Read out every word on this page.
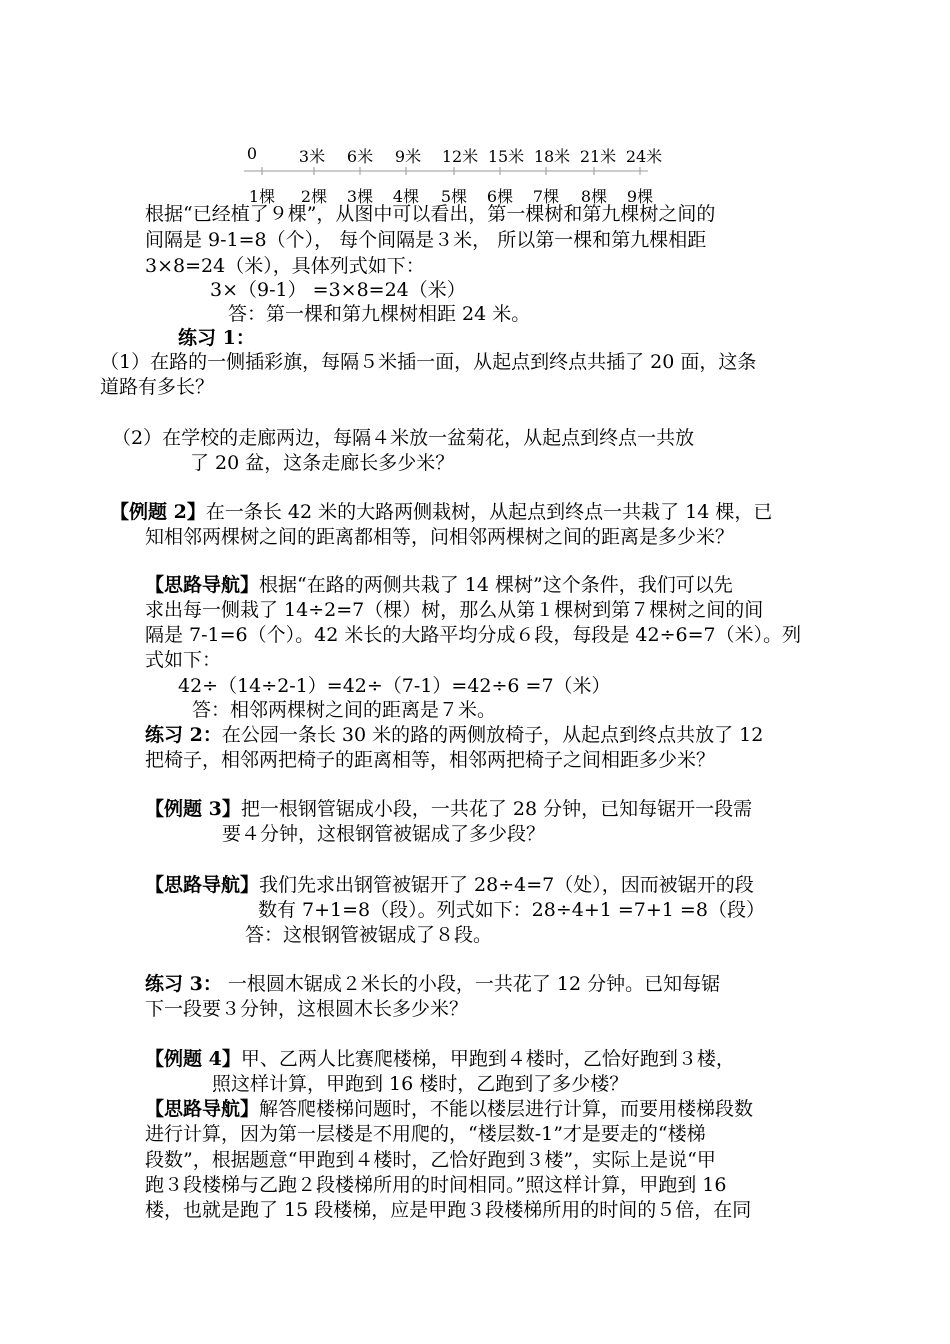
0	3米 6米 9米 12米 15米 18米 21米 24米
1棵 2棵 3棵 4棵 5棵 6棵 7棵 8棵 9棵
根据“已经植了９棵”，从图中可以看出，第一棵树和第九棵树之间的
间隔是 9-1=8（个）， 每个间隔是３米， 所以第一棵和第九棵相距
3×8=24（米），具体列式如下：
3×（9-1） =3×8=24（米）
答：第一棵和第九棵树相距 24 米。
练习 1：
（1）在路的一侧插彩旗，每隔５米插一面，从起点到终点共插了 20 面，这条
道路有多长？
（2）在学校的走廊两边，每隔４米放一盆菊花，从起点到终点一共放
了 20 盆，这条走廊长多少米？
【例题 2】在一条长 42 米的大路两侧栽树，从起点到终点一共栽了 14 棵，已
知相邻两棵树之间的距离都相等，问相邻两棵树之间的距离是多少米？
【思路导航】根据“在路的两侧共栽了 14 棵树”这个条件，我们可以先
求出每一侧栽了 14÷2=7（棵）树，那么从第１棵树到第７棵树之间的间
隔是 7-1=6（个）。42 米长的大路平均分成６段，每段是 42÷6=7（米）。列
式如下：
42÷（14÷2-1）=42÷（7-1）=42÷6 =7（米）
答：相邻两棵树之间的距离是７米。
练习 2：在公园一条长 30 米的路的两侧放椅子，从起点到终点共放了 12
把椅子，相邻两把椅子的距离相等，相邻两把椅子之间相距多少米？
【例题 3】把一根钢管锯成小段，一共花了 28 分钟，已知每锯开一段需
要４分钟，这根钢管被锯成了多少段？
【思路导航】我们先求出钢管被锯开了 28÷4=7（处），因而被锯开的段
数有 7+1=8（段）。列式如下：28÷4+1 =7+1 =8（段）
答：这根钢管被锯成了８段。
练习 3： 一根圆木锯成２米长的小段，一共花了 12 分钟。已知每锯
下一段要３分钟，这根圆木长多少米？
【例题 4】甲、乙两人比赛爬楼梯，甲跑到４楼时，乙恰好跑到３楼，
照这样计算，甲跑到 16 楼时，乙跑到了多少楼？
【思路导航】解答爬楼梯问题时，不能以楼层进行计算，而要用楼梯段数
进行计算，因为第一层楼是不用爬的，“楼层数-1”才是要走的“楼梯
段数”，根据题意“甲跑到４楼时，乙恰好跑到３楼”，实际上是说“甲
跑３段楼梯与乙跑２段楼梯所用的时间相同。”照这样计算，甲跑到 16
楼，也就是跑了 15 段楼梯，应是甲跑３段楼梯所用的时间的５倍，在同
